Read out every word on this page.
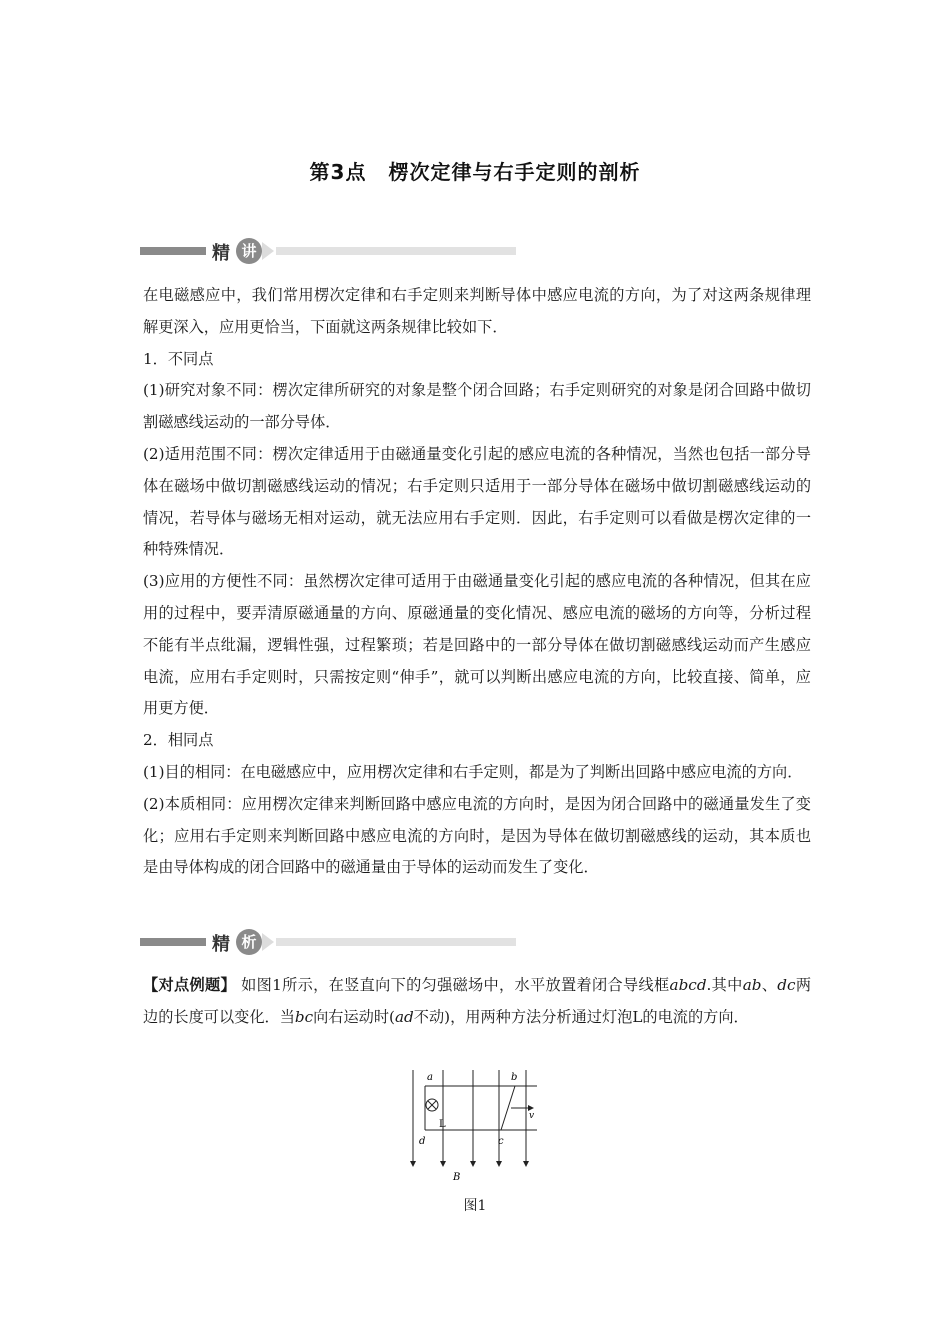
第3点 楞次定律与右手定则的剖析
精 讲

在电磁感应中，我们常用楞次定律和右手定则来判断导体中感应电流的方向，为了对这两条规律理解更深入，应用更恰当，下面就这两条规律比较如下．

1．不同点

(1)研究对象不同：楞次定律所研究的对象是整个闭合回路；右手定则研究的对象是闭合回路中做切割磁感线运动的一部分导体．

(2)适用范围不同：楞次定律适用于由磁通量变化引起的感应电流的各种情况，当然也包括一部分导体在磁场中做切割磁感线运动的情况；右手定则只适用于一部分导体在磁场中做切割磁感线运动的情况，若导体与磁场无相对运动，就无法应用右手定则．因此，右手定则可以看做是楞次定律的一种特殊情况．

(3)应用的方便性不同：虽然楞次定律可适用于由磁通量变化引起的感应电流的各种情况，但其在应用的过程中，要弄清原磁通量的方向、原磁通量的变化情况、感应电流的磁场的方向等，分析过程不能有半点纰漏，逻辑性强，过程繁琐；若是回路中的一部分导体在做切割磁感线运动而产生感应电流，应用右手定则时，只需按定则“伸手”，就可以判断出感应电流的方向，比较直接、简单，应用更方便．

2．相同点

(1)目的相同：在电磁感应中，应用楞次定律和右手定则，都是为了判断出回路中感应电流的方向．

(2)本质相同：应用楞次定律来判断回路中感应电流的方向时，是因为闭合回路中的磁通量发生了变化；应用右手定则来判断回路中感应电流的方向时，是因为导体在做切割磁感线的运动，其本质也是由导体构成的闭合回路中的磁通量由于导体的运动而发生了变化．

精 析

【对点例题】 如图1所示，在竖直向下的匀强磁场中，水平放置着闭合导线框abcd.其中ab、dc两边的长度可以变化．当bc向右运动时(ad不动)，用两种方法分析通过灯泡L的电流的方向．

a	b
c
d
L
v
B
图1
